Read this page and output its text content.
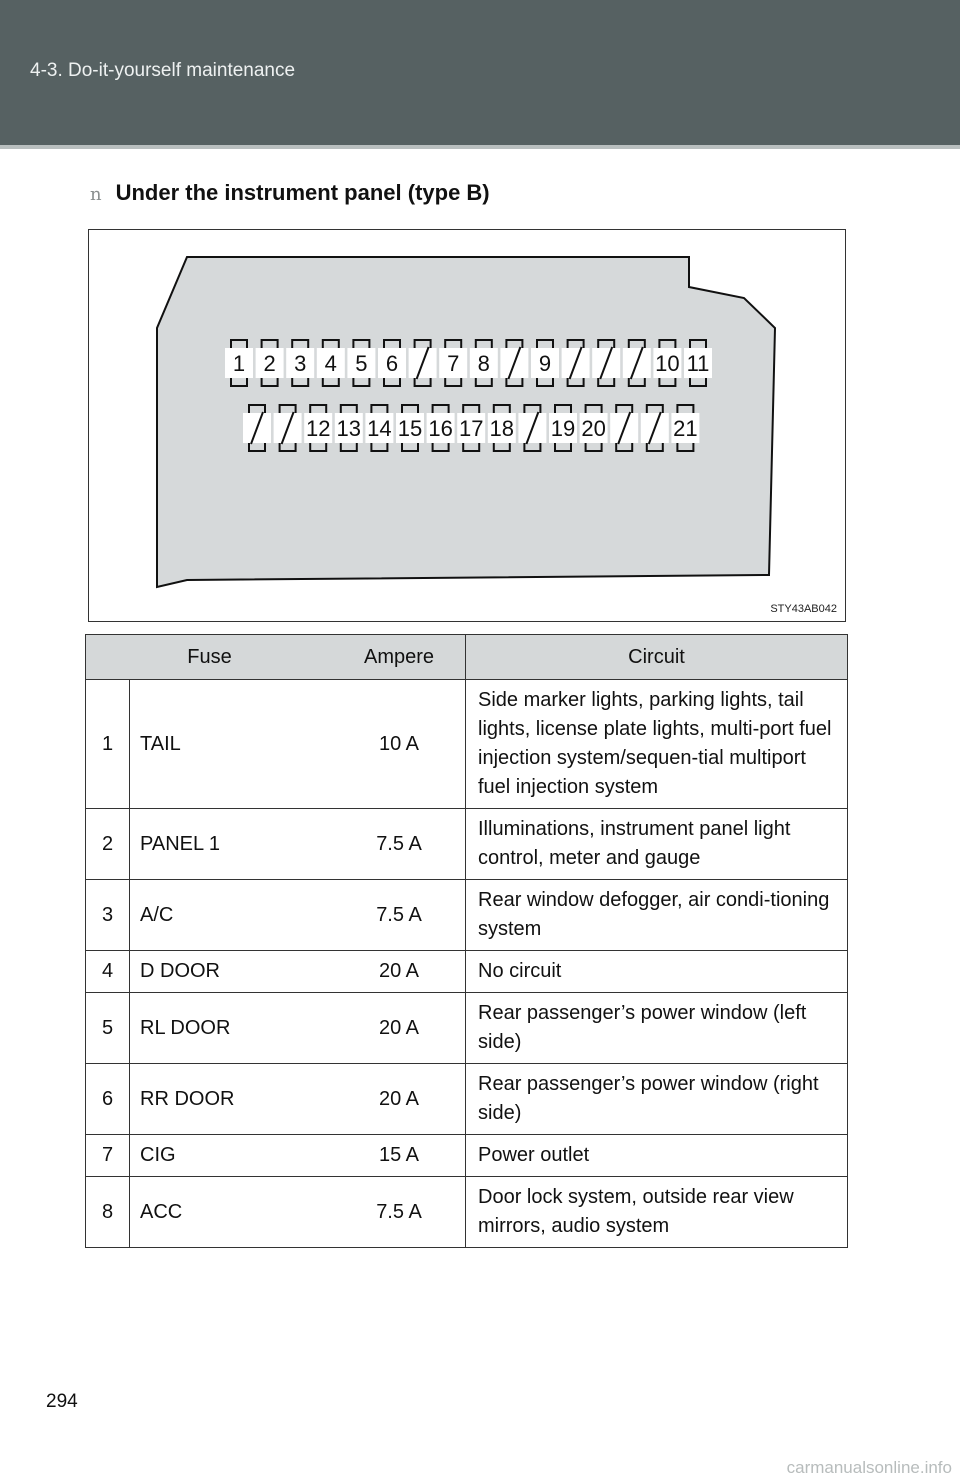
4-3. Do-it-yourself maintenance
n Under the instrument panel (type B)
1 2 3 4 5 6 7 8 9	10 11
12 13 14 15 16 17 18 19 20	21
STY43AB042
Fuse		Ampere	Circuit
1	TAIL	10 A	Side marker lights, parking lights, tail lights, license plate lights, multi-port fuel injection system/sequen-tial multiport fuel injection system
2	PANEL 1	7.5 A	Illuminations, instrument panel light control, meter and gauge
3	A/C	7.5 A	Rear window defogger, air condi-tioning system
4	D DOOR	20 A	No circuit
5	RL DOOR	20 A	Rear passenger’s power window (left side)
6	RR DOOR	20 A	Rear passenger’s power window (right side)
7	CIG	15 A	Power outlet
8	ACC	7.5 A	Door lock system, outside rear view mirrors, audio system
294
carmanualsonline.info
